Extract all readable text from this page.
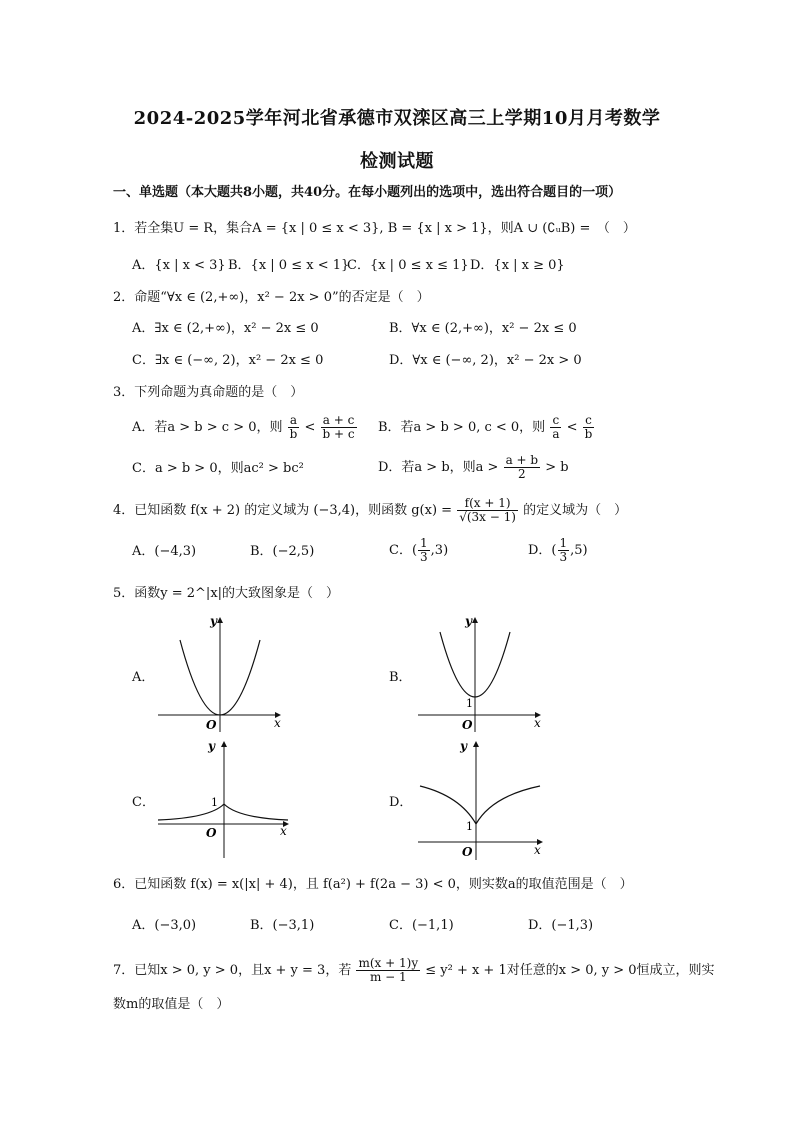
2024-2025学年河北省承德市双滦区高三上学期10月月考数学
检测试题
一、单选题（本大题共8小题，共40分。在每小题列出的选项中，选出符合题目的一项）
1．若全集U = R，集合A = {x | 0 ≤ x < 3}, B = {x | x > 1}，则A ∪ (∁ᵤB) =　（　）
A．{x | x < 3} B．{x | 0 ≤ x < 1}
C．{x | 0 ≤ x ≤ 1} D．{x | x ≥ 0}
2．命题“∀x ∈ (2,+∞)，x² − 2x > 0”的否定是（　）
A．∃x ∈ (2,+∞)，x² − 2x ≤ 0	B．∀x ∈ (2,+∞)，x² − 2x ≤ 0
C．∃x ∈ (−∞, 2)，x² − 2x ≤ 0	D．∀x ∈ (−∞, 2)，x² − 2x > 0
3．下列命题为真命题的是（　）
A．若a > b > c > 0，则 $\frac{a}{b} < \frac{a + c}{b + c}$ B．若a > b > 0, c < 0，则 $\frac{c}{a} < \frac{c}{b}$
C．a > b > 0，则ac² > bc²	D．若a > b，则$a > \frac{a + b}{2} > b$
4．已知函数 f(x + 2) 的定义域为 (−3,4)，则函数 $g(x) = \frac{f(x + 1)}{√(3x - 1)}$ 的定义域为（　）
A．(−4,3)	B．(−2,5)	C．( $\frac{1}{3} ,3$)	D．( $\frac{1}{3} ,5$)
5．函数y = 2^|x|的大致图象是（　）
A．
x
y
O
B．
x
y
1
O
C．
x
y
1
O
D．
x
y
1
O
6．已知函数 f(x) = x(|x| + 4)，且 f(a²) + f(2a − 3) < 0，则实数a的取值范围是（　）
A．(−3,0)	B．(−3,1)	C．(−1,1)	D．(−1,3)
7．已知x > 0, y > 0，且x + y = 3，若 $\frac{m(x + 1)y}{m - 1} \le y^2 + x + 1$对任意的x > 0, y > 0恒成立，则实
数m的取值是（　）
